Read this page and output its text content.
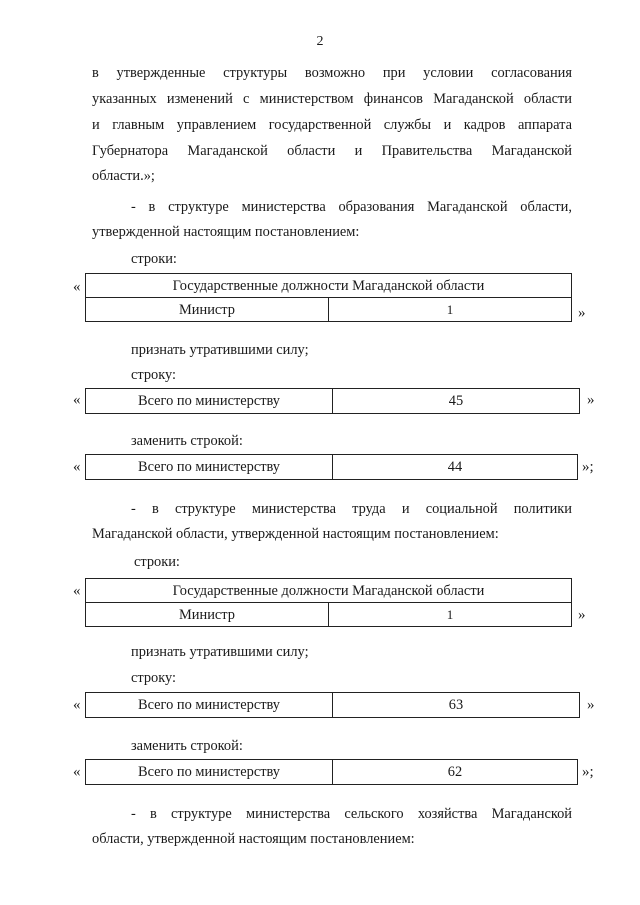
2

в утвержденные структуры возможно при условии согласования

указанных изменений с министерством финансов Магаданской области

и главным управлением государственной службы и кадров аппарата

Губернатора Магаданской области и Правительства Магаданской

области.»;

- в структуре министерства образования Магаданской области,

утвержденной настоящим постановлением:

строки:

«	Государственные должности Магаданской области
Министр	1	»

признать утратившими силу;

строку:

«	Всего по министерству	45	»

заменить строкой:

«	Всего по министерству	44	»;

- в структуре министерства труда и социальной политики

Магаданской области, утвержденной настоящим постановлением:

строки:

«	Государственные должности Магаданской области
Министр	1	»

признать утратившими силу;

строку:

«	Всего по министерству	63	»

заменить строкой:

«	Всего по министерству	62	»;

- в структуре министерства сельского хозяйства Магаданской

области, утвержденной настоящим постановлением:
